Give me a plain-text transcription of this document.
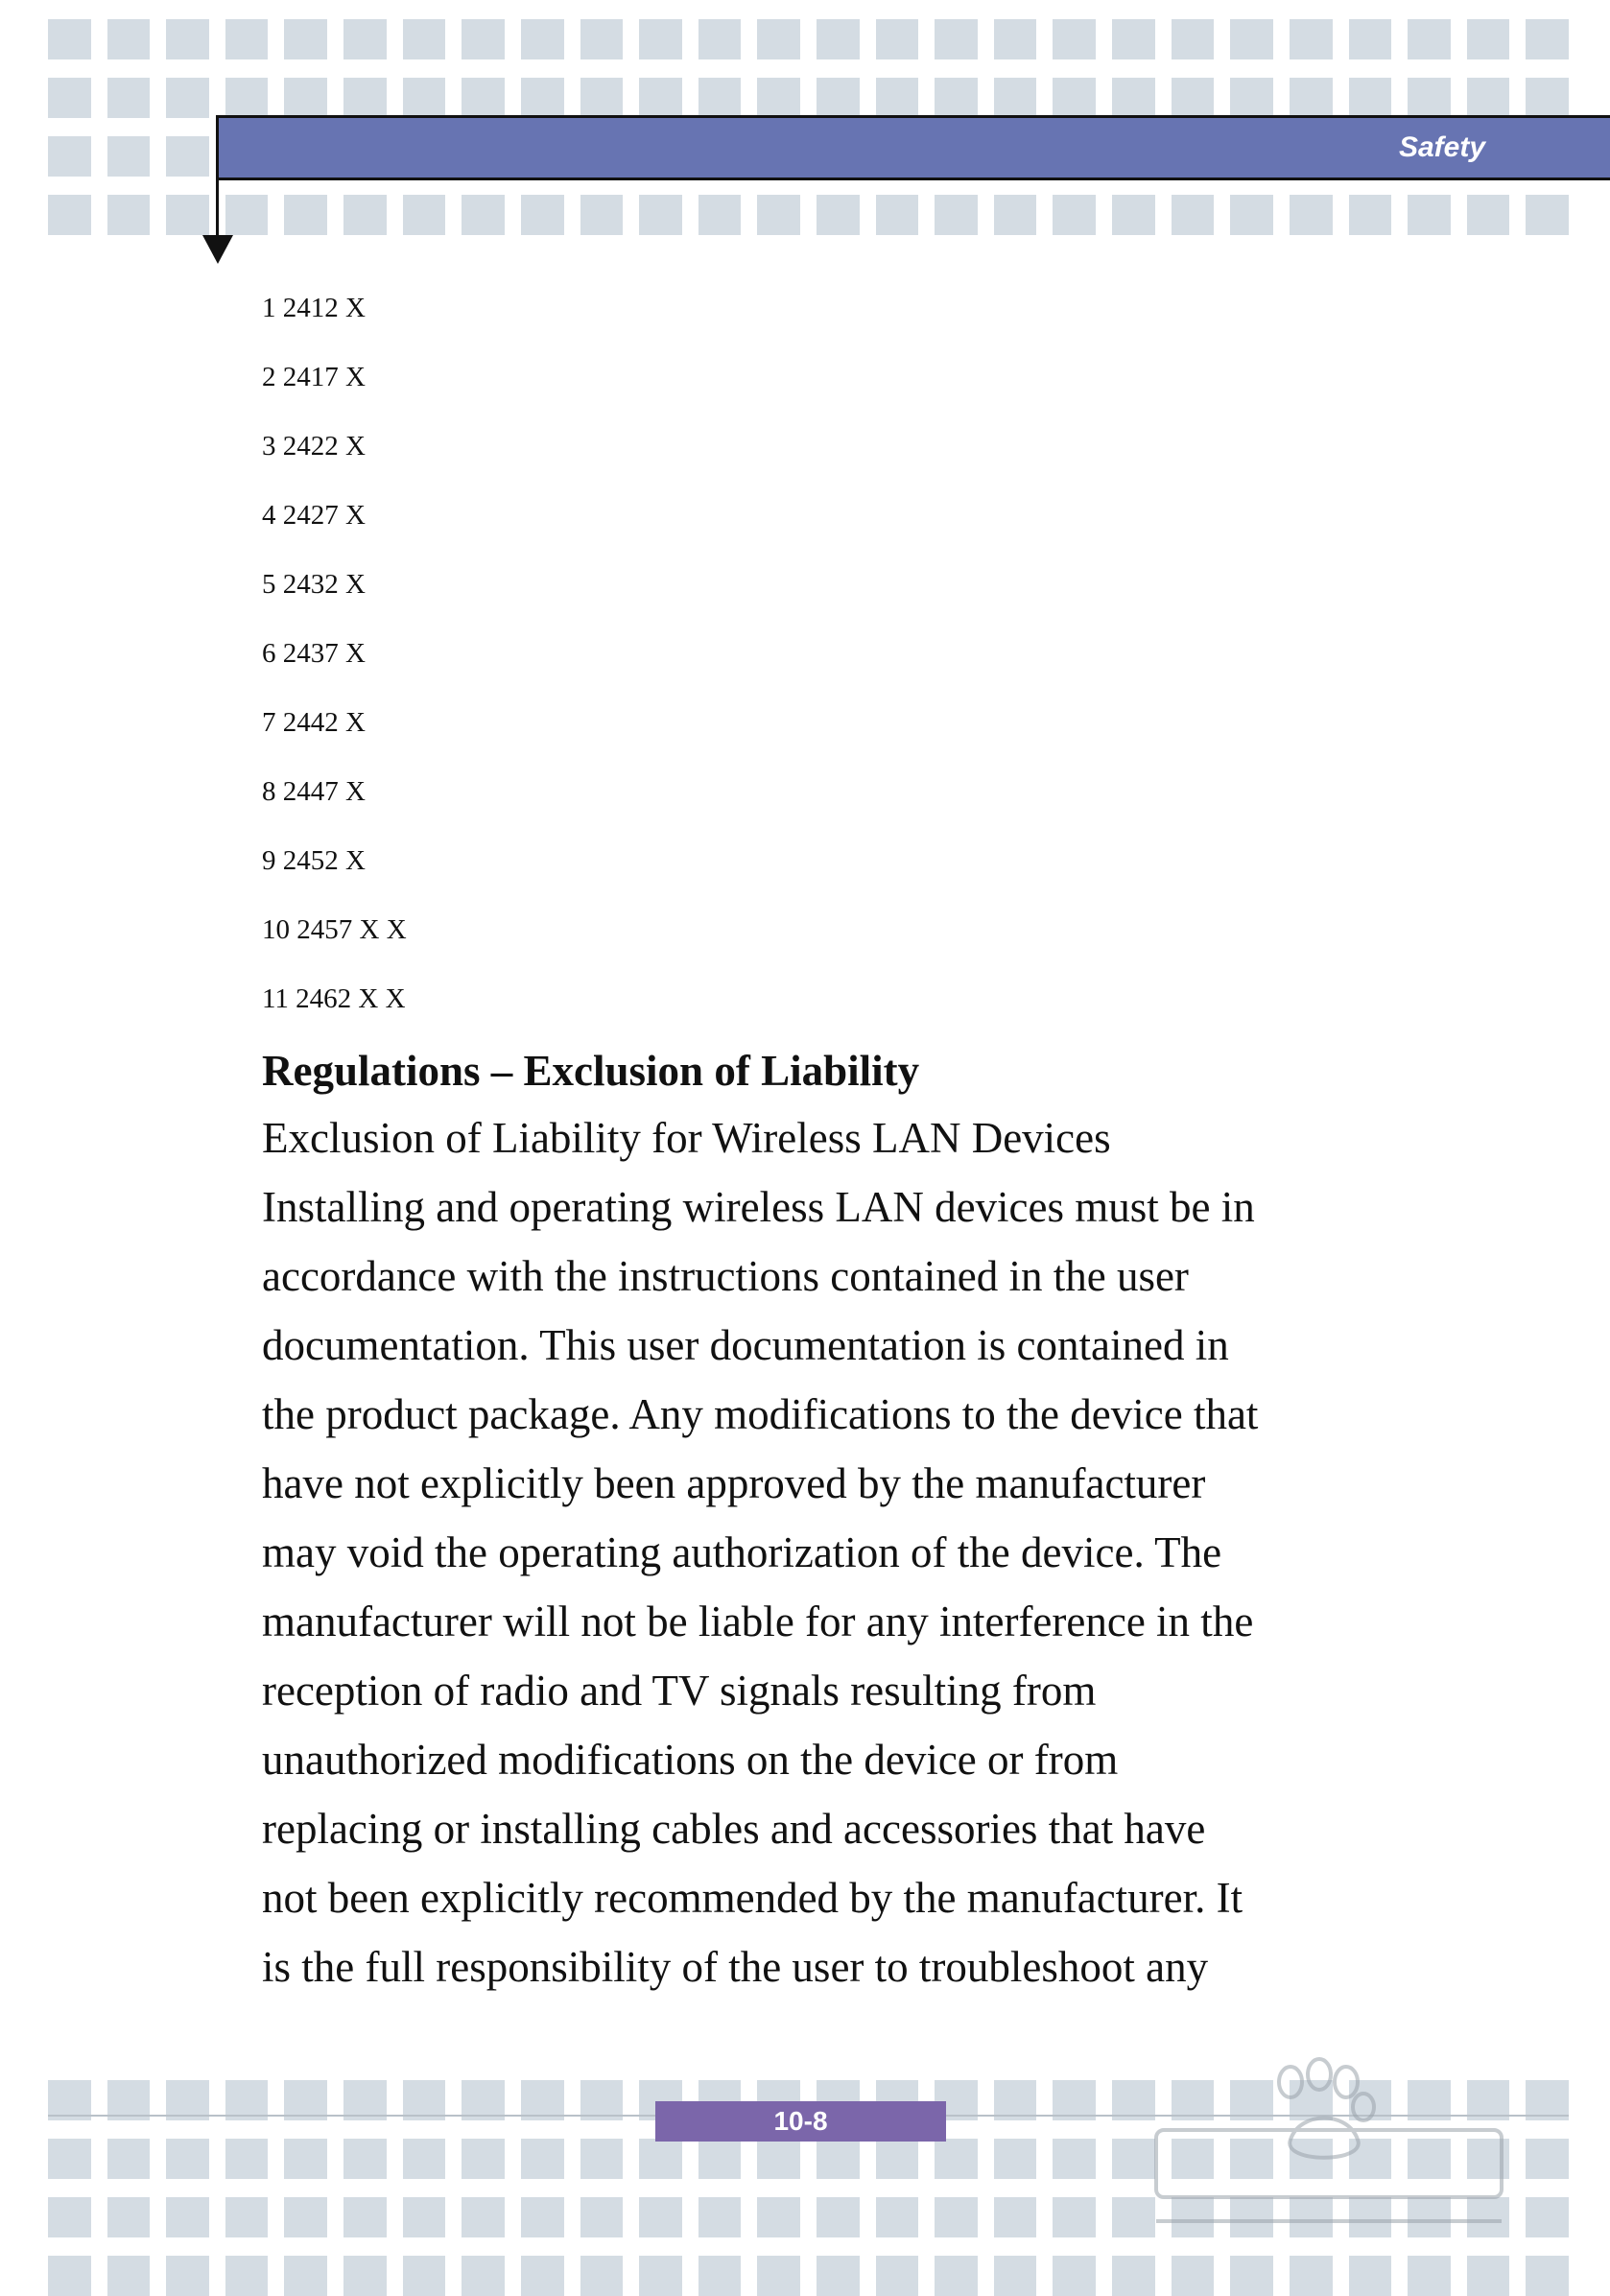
Safety
1 2412 X
2 2417 X
3 2422 X
4 2427 X
5 2432 X
6 2437 X
7 2442 X
8 2447 X
9 2452 X
10 2457 X X
11 2462 X X
Regulations – Exclusion of Liability
Exclusion of Liability for Wireless LAN Devices
Installing and operating wireless LAN devices must be in
accordance with the instructions contained in the user
documentation. This user documentation is contained in
the product package. Any modifications to the device that
have not explicitly been approved by the manufacturer
may void the operating authorization of the device. The
manufacturer will not be liable for any interference in the
reception of radio and TV signals resulting from
unauthorized modifications on the device or from
replacing or installing cables and accessories that have
not been explicitly recommended by the manufacturer. It
is the full responsibility of the user to troubleshoot any
10-8
